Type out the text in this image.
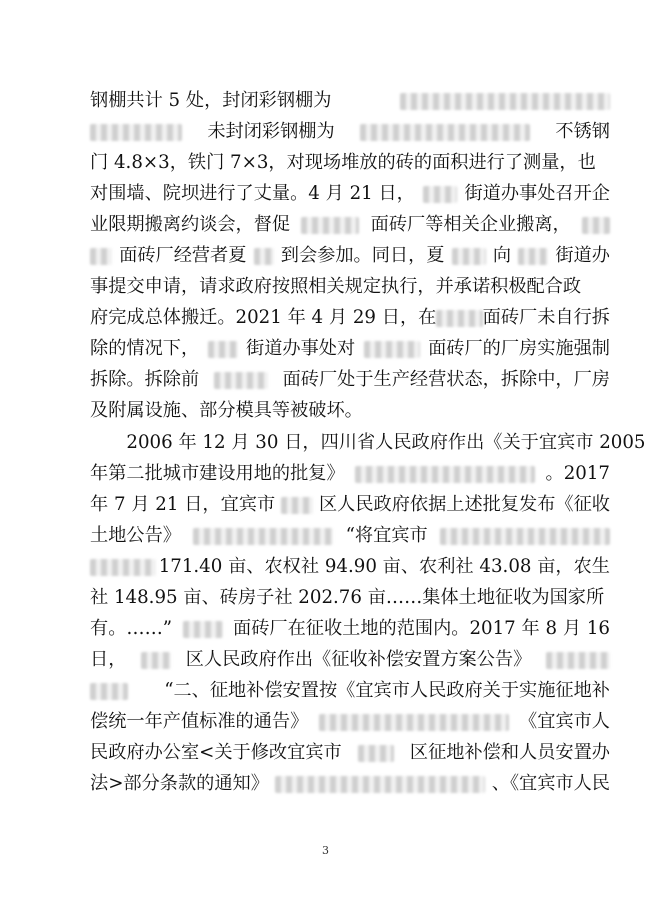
钢棚共计 5 处，封闭彩钢棚为
未封闭彩钢棚为	不锈钢
门 4.8×3，铁门 7×3，对现场堆放的砖的面积进行了测量，也
对围墙、院坝进行了丈量。4 月 21 日，	街道办事处召开企
业限期搬离约谈会，督促	面砖厂等相关企业搬离，
面砖厂经营者夏 到会参加。同日，夏	向 街道办
事提交申请，请求政府按照相关规定执行，并承诺积极配合政
府完成总体搬迁。2021 年 4 月 29 日，在	面砖厂未自行拆
除的情况下，	街道办事处对	面砖厂的厂房实施强制
拆除。拆除前	面砖厂处于生产经营状态，拆除中，厂房
及附属设施、部分模具等被破坏。
　　2006 年 12 月 30 日，四川省人民政府作出《关于宜宾市 2005
年第二批城市建设用地的批复》	。2017
年 7 月 21 日，宜宾市 区人民政府依据上述批复发布《征收
土地公告》	“将宜宾市
171.40 亩、农权社 94.90 亩、农利社 43.08 亩，农生
社 148.95 亩、砖房子社 202.76 亩……集体土地征收为国家所
有。……”	面砖厂在征收土地的范围内。2017 年 8 月 16
日，	区人民政府作出《征收补偿安置方案公告》
“二、征地补偿安置按《宜宾市人民政府关于实施征地补
偿统一年产值标准的通告》	《宜宾市人
民政府办公室<关于修改宜宾市	区征地补偿和人员安置办
法>部分条款的通知》	、《宜宾市人民
3
